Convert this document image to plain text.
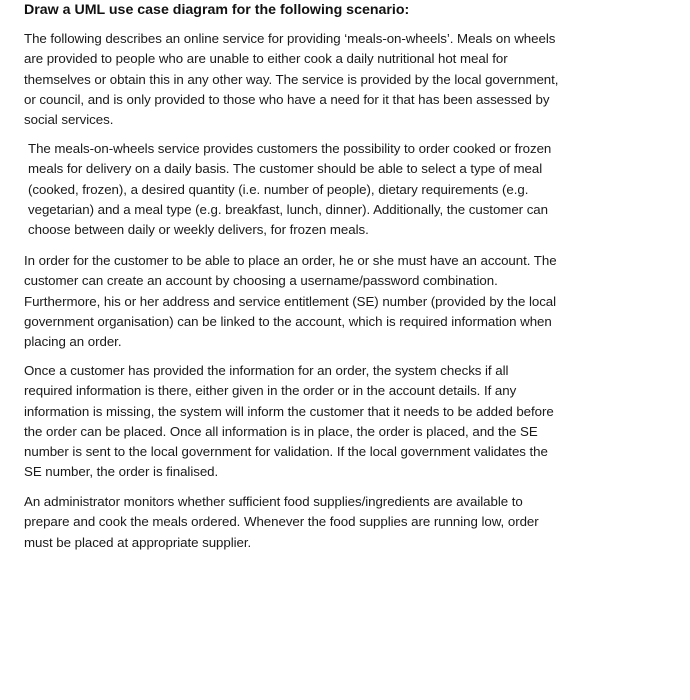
Draw a UML use case diagram for the following scenario:

The following describes an online service for providing ‘meals-on-wheels’. Meals on wheels
are provided to people who are unable to either cook a daily nutritional hot meal for
themselves or obtain this in any other way. The service is provided by the local government,
or council, and is only provided to those who have a need for it that has been assessed by
social services.

The meals-on-wheels service provides customers the possibility to order cooked or frozen
meals for delivery on a daily basis. The customer should be able to select a type of meal
(cooked, frozen), a desired quantity (i.e. number of people), dietary requirements (e.g.
vegetarian) and a meal type (e.g. breakfast, lunch, dinner). Additionally, the customer can
choose between daily or weekly delivers, for frozen meals.

In order for the customer to be able to place an order, he or she must have an account. The
customer can create an account by choosing a username/password combination.
Furthermore, his or her address and service entitlement (SE) number (provided by the local
government organisation) can be linked to the account, which is required information when
placing an order.

Once a customer has provided the information for an order, the system checks if all
required information is there, either given in the order or in the account details. If any
information is missing, the system will inform the customer that it needs to be added before
the order can be placed. Once all information is in place, the order is placed, and the SE
number is sent to the local government for validation. If the local government validates the
SE number, the order is finalised.

An administrator monitors whether sufficient food supplies/ingredients are available to
prepare and cook the meals ordered. Whenever the food supplies are running low, order
must be placed at appropriate supplier.
